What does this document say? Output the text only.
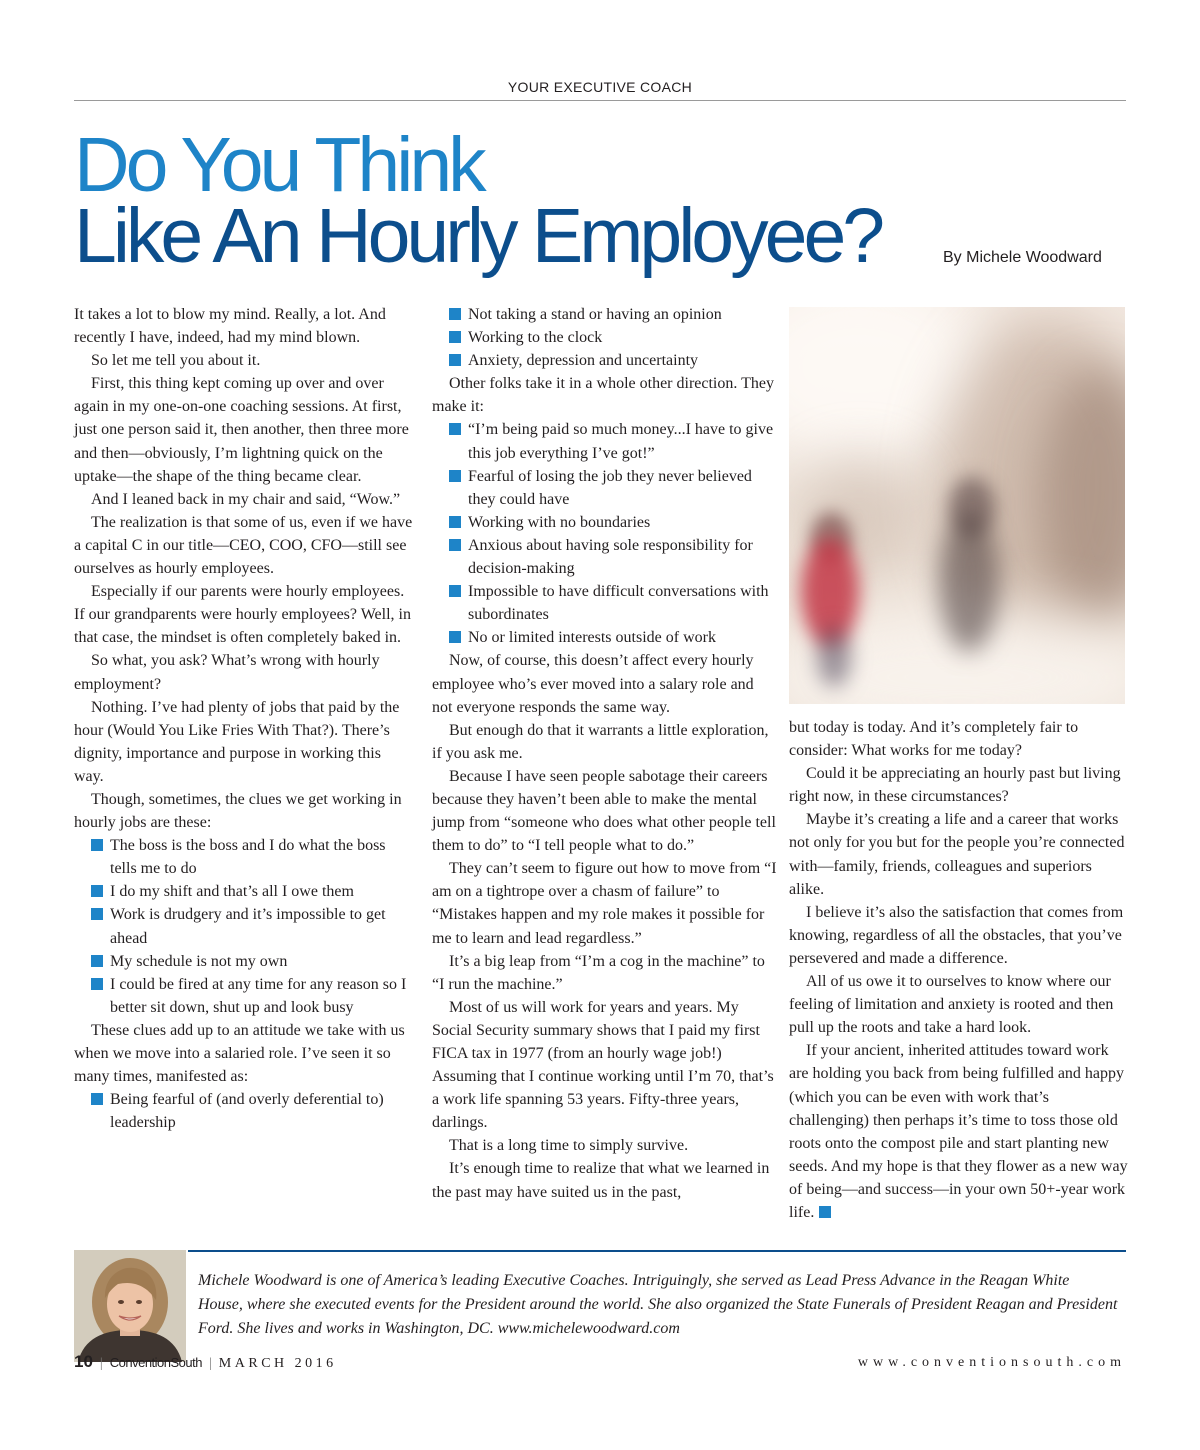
YOUR EXECUTIVE COACH
Do You Think
Like An Hourly Employee?	By Michele Woodward

It takes a lot to blow my mind. Really, a lot. And recently I have, indeed, had my mind blown.

So let me tell you about it.

First, this thing kept coming up over and over again in my one-on-one coaching sessions. At first, just one person said it, then another, then three more and then—obviously, I’m lightning quick on the uptake—the shape of the thing became clear.

And I leaned back in my chair and said, “Wow.”

The realization is that some of us, even if we have a capital C in our title—CEO, COO, CFO—still see ourselves as hourly employees.

Especially if our parents were hourly employees. If our grandparents were hourly employees? Well, in that case, the mindset is often completely baked in.

So what, you ask? What’s wrong with hourly employment?

Nothing. I’ve had plenty of jobs that paid by the hour (Would You Like Fries With That?). There’s dignity, importance and purpose in working this way.

Though, sometimes, the clues we get working in hourly jobs are these:

The boss is the boss and I do what the boss tells me to do
I do my shift and that’s all I owe them
Work is drudgery and it’s impossible to get ahead
My schedule is not my own
I could be fired at any time for any reason so I better sit down, shut up and look busy

These clues add up to an attitude we take with us when we move into a salaried role. I’ve seen it so many times, manifested as:

Being fearful of (and overly deferential to) leadership
Not taking a stand or having an opinion
Working to the clock
Anxiety, depression and uncertainty

Other folks take it in a whole other direction. They make it:

“I’m being paid so much money...I have to give this job everything I’ve got!”
Fearful of losing the job they never believed they could have
Working with no boundaries
Anxious about having sole responsibility for decision-making
Impossible to have difficult conversations with subordinates
No or limited interests outside of work

Now, of course, this doesn’t affect every hourly employee who’s ever moved into a salary role and not everyone responds the same way.

But enough do that it warrants a little exploration, if you ask me.

Because I have seen people sabotage their careers because they haven’t been able to make the mental jump from “someone who does what other people tell them to do” to “I tell people what to do.”

They can’t seem to figure out how to move from “I am on a tightrope over a chasm of failure” to “Mistakes happen and my role makes it possible for me to learn and lead regardless.”

It’s a big leap from “I’m a cog in the machine” to “I run the machine.”

Most of us will work for years and years. My Social Security summary shows that I paid my first FICA tax in 1977 (from an hourly wage job!) Assuming that I continue working until I’m 70, that’s a work life spanning 53 years. Fifty-three years, darlings.

That is a long time to simply survive.

It’s enough time to realize that what we learned in the past may have suited us in the past,

but today is today. And it’s completely fair to consider: What works for me today?

Could it be appreciating an hourly past but living right now, in these circumstances?

Maybe it’s creating a life and a career that works not only for you but for the people you’re connected with—family, friends, colleagues and superiors alike.

I believe it’s also the satisfaction that comes from knowing, regardless of all the obstacles, that you’ve persevered and made a difference.

All of us owe it to ourselves to know where our feeling of limitation and anxiety is rooted and then pull up the roots and take a hard look.

If your ancient, inherited attitudes toward work are holding you back from being fulfilled and happy (which you can be even with work that’s challenging) then perhaps it’s time to toss those old roots onto the compost pile and start planting new seeds. And my hope is that they flower as a new way of being—and success—in your own 50+-year work life.

Michele Woodward is one of America’s leading Executive Coaches. Intriguingly, she served as Lead Press Advance in the Reagan White House, where she executed events for the President around the world. She also organized the State Funerals of President Reagan and President Ford. She lives and works in Washington, DC. www.michelewoodward.com
10 | ConventionSouth | MARCH 2016	www.conventionsouth.com
